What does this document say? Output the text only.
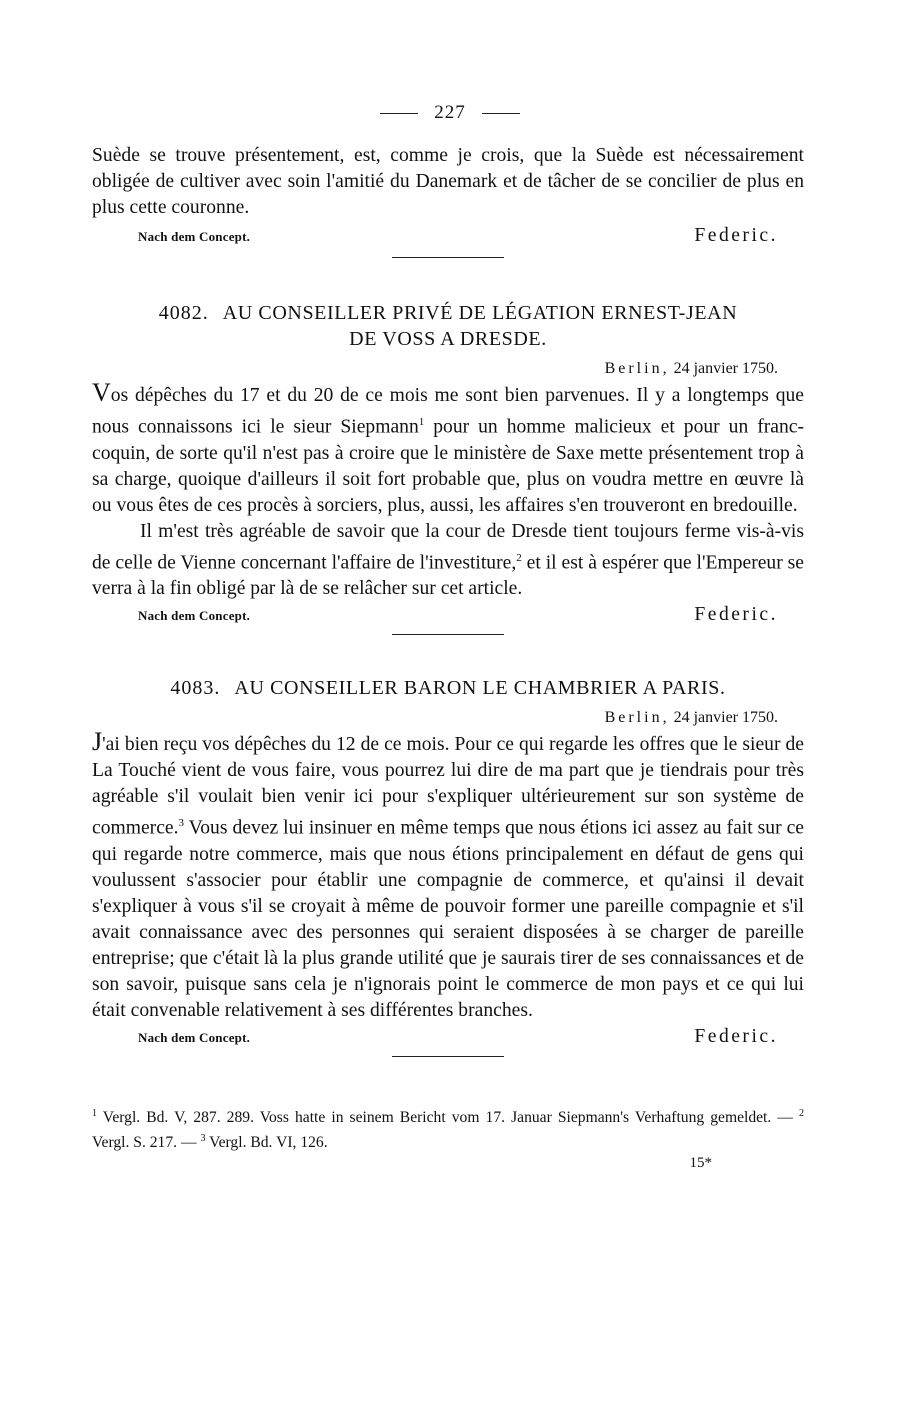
227

Suède se trouve présentement, est, comme je crois, que la Suède est nécessairement obligée de cultiver avec soin l'amitié du Danemark et de tâcher de se concilier de plus en plus cette couronne.

Nach dem Concept.	Federic.
4082. AU CONSEILLER PRIVÉ DE LÉGATION ERNEST-JEAN
DE VOSS A DRESDE.
Berlin, 24 janvier 1750.

Vos dépêches du 17 et du 20 de ce mois me sont bien parvenues. Il y a longtemps que nous connaissons ici le sieur Siepmann$^1$ pour un homme malicieux et pour un franc-coquin, de sorte qu'il n'est pas à croire que le ministère de Saxe mette présentement trop à sa charge, quoique d'ailleurs il soit fort probable que, plus on voudra mettre en œuvre là ou vous êtes de ces procès à sorciers, plus, aussi, les affaires s'en trouveront en bredouille.

Il m'est très agréable de savoir que la cour de Dresde tient toujours ferme vis-à-vis de celle de Vienne concernant l'affaire de l'investiture,$^2$ et il est à espérer que l'Empereur se verra à la fin obligé par là de se relâcher sur cet article.

Nach dem Concept.	Federic.
4083. AU CONSEILLER BARON LE CHAMBRIER A PARIS.
Berlin, 24 janvier 1750.

J'ai bien reçu vos dépêches du 12 de ce mois. Pour ce qui regarde les offres que le sieur de La Touché vient de vous faire, vous pourrez lui dire de ma part que je tiendrais pour très agréable s'il voulait bien venir ici pour s'expliquer ultérieurement sur son système de commerce.$^3$ Vous devez lui insinuer en même temps que nous étions ici assez au fait sur ce qui regarde notre commerce, mais que nous étions principalement en défaut de gens qui voulussent s'associer pour établir une compagnie de commerce, et qu'ainsi il devait s'expliquer à vous s'il se croyait à même de pouvoir former une pareille compagnie et s'il avait connaissance avec des personnes qui seraient disposées à se charger de pareille entreprise; que c'était là la plus grande utilité que je saurais tirer de ses connaissances et de son savoir, puisque sans cela je n'ignorais point le commerce de mon pays et ce qui lui était convenable relativement à ses différentes branches.

Nach dem Concept.	Federic.

$^1$ Vergl. Bd. V, 287. 289. Voss hatte in seinem Bericht vom 17. Januar Siepmann's Verhaftung gemeldet. — $^2$ Vergl. S. 217. — $^3$ Vergl. Bd. VI, 126.

15*
